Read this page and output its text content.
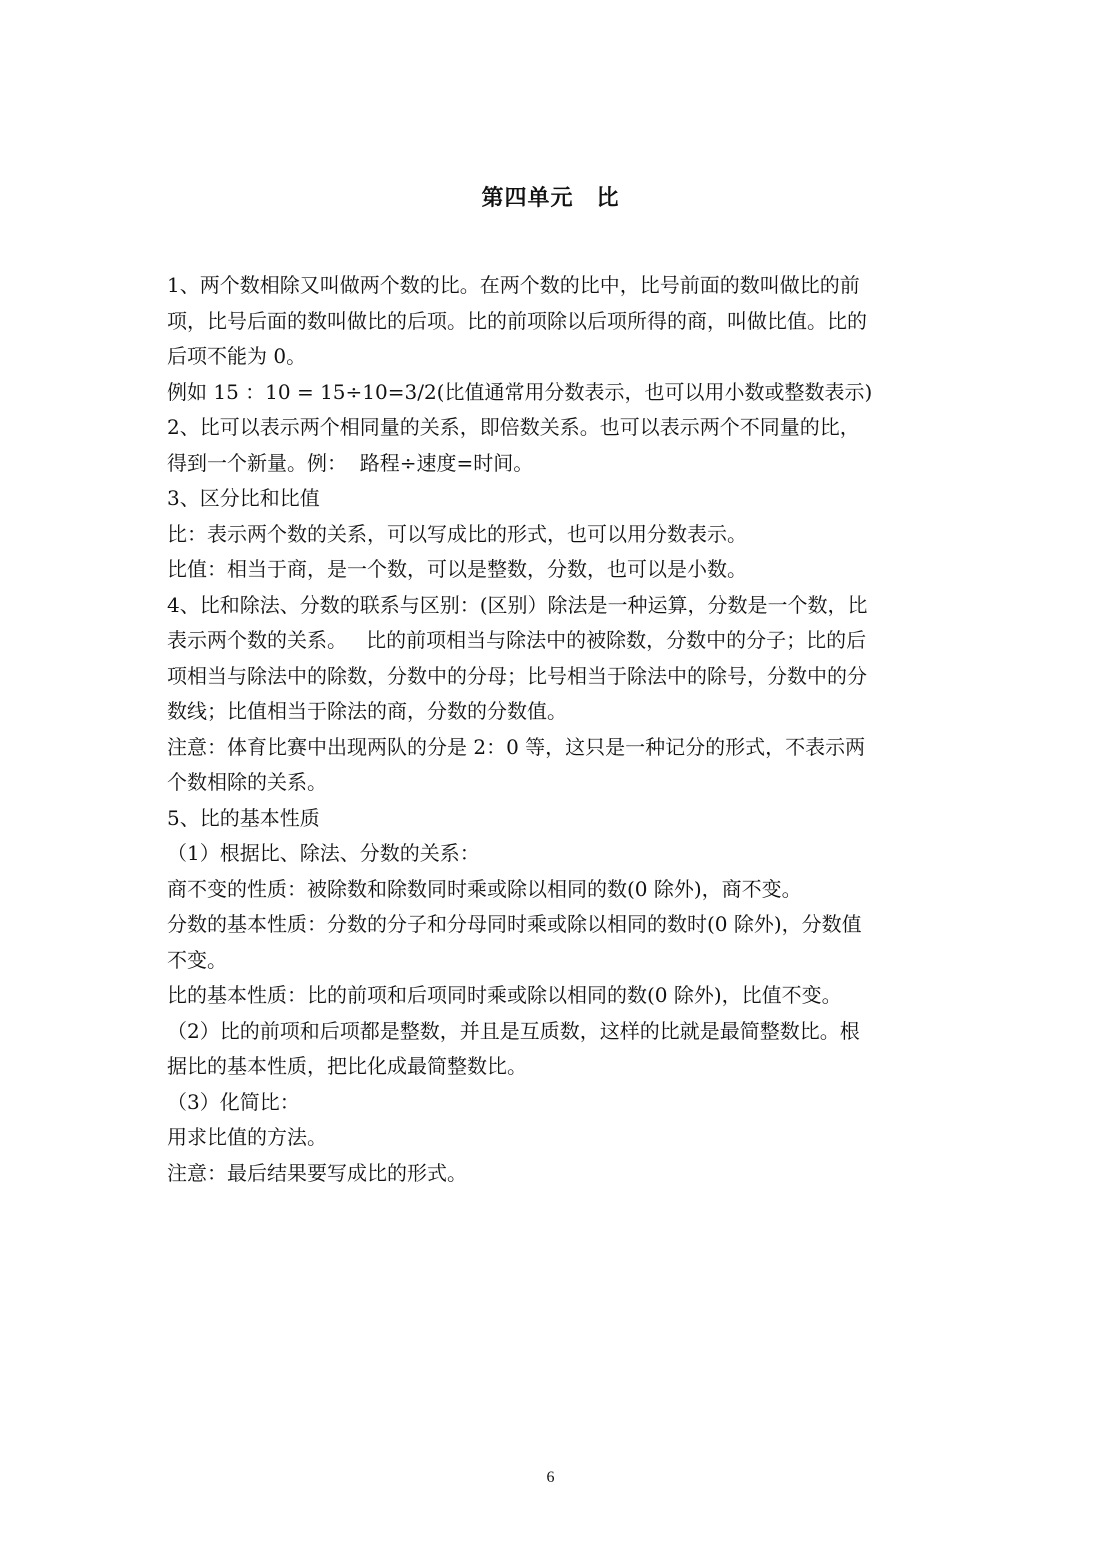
第四单元　比
1、两个数相除又叫做两个数的比。在两个数的比中，比号前面的数叫做比的前
项，比号后面的数叫做比的后项。比的前项除以后项所得的商，叫做比值。比的
后项不能为 0。
例如 15 ：10 = 15÷10=3/2(比值通常用分数表示，也可以用小数或整数表示)
2、比可以表示两个相同量的关系，即倍数关系。也可以表示两个不同量的比，
得到一个新量。例：  路程÷速度=时间。
3、区分比和比值
比：表示两个数的关系，可以写成比的形式，也可以用分数表示。
比值：相当于商，是一个数，可以是整数，分数，也可以是小数。
4、比和除法、分数的联系与区别：(区别）除法是一种运算，分数是一个数，比
表示两个数的关系。   比的前项相当与除法中的被除数，分数中的分子；比的后
项相当与除法中的除数，分数中的分母；比号相当于除法中的除号，分数中的分
数线；比值相当于除法的商，分数的分数值。
注意：体育比赛中出现两队的分是 2：0 等，这只是一种记分的形式，不表示两
个数相除的关系。
5、比的基本性质
（1）根据比、除法、分数的关系：
商不变的性质：被除数和除数同时乘或除以相同的数(0 除外)，商不变。
分数的基本性质：分数的分子和分母同时乘或除以相同的数时(0 除外)，分数值
不变。
比的基本性质：比的前项和后项同时乘或除以相同的数(0 除外)，比值不变。
（2）比的前项和后项都是整数，并且是互质数，这样的比就是最简整数比。根
据比的基本性质，把比化成最简整数比。
（3）化简比：
用求比值的方法。
注意：最后结果要写成比的形式。
6
